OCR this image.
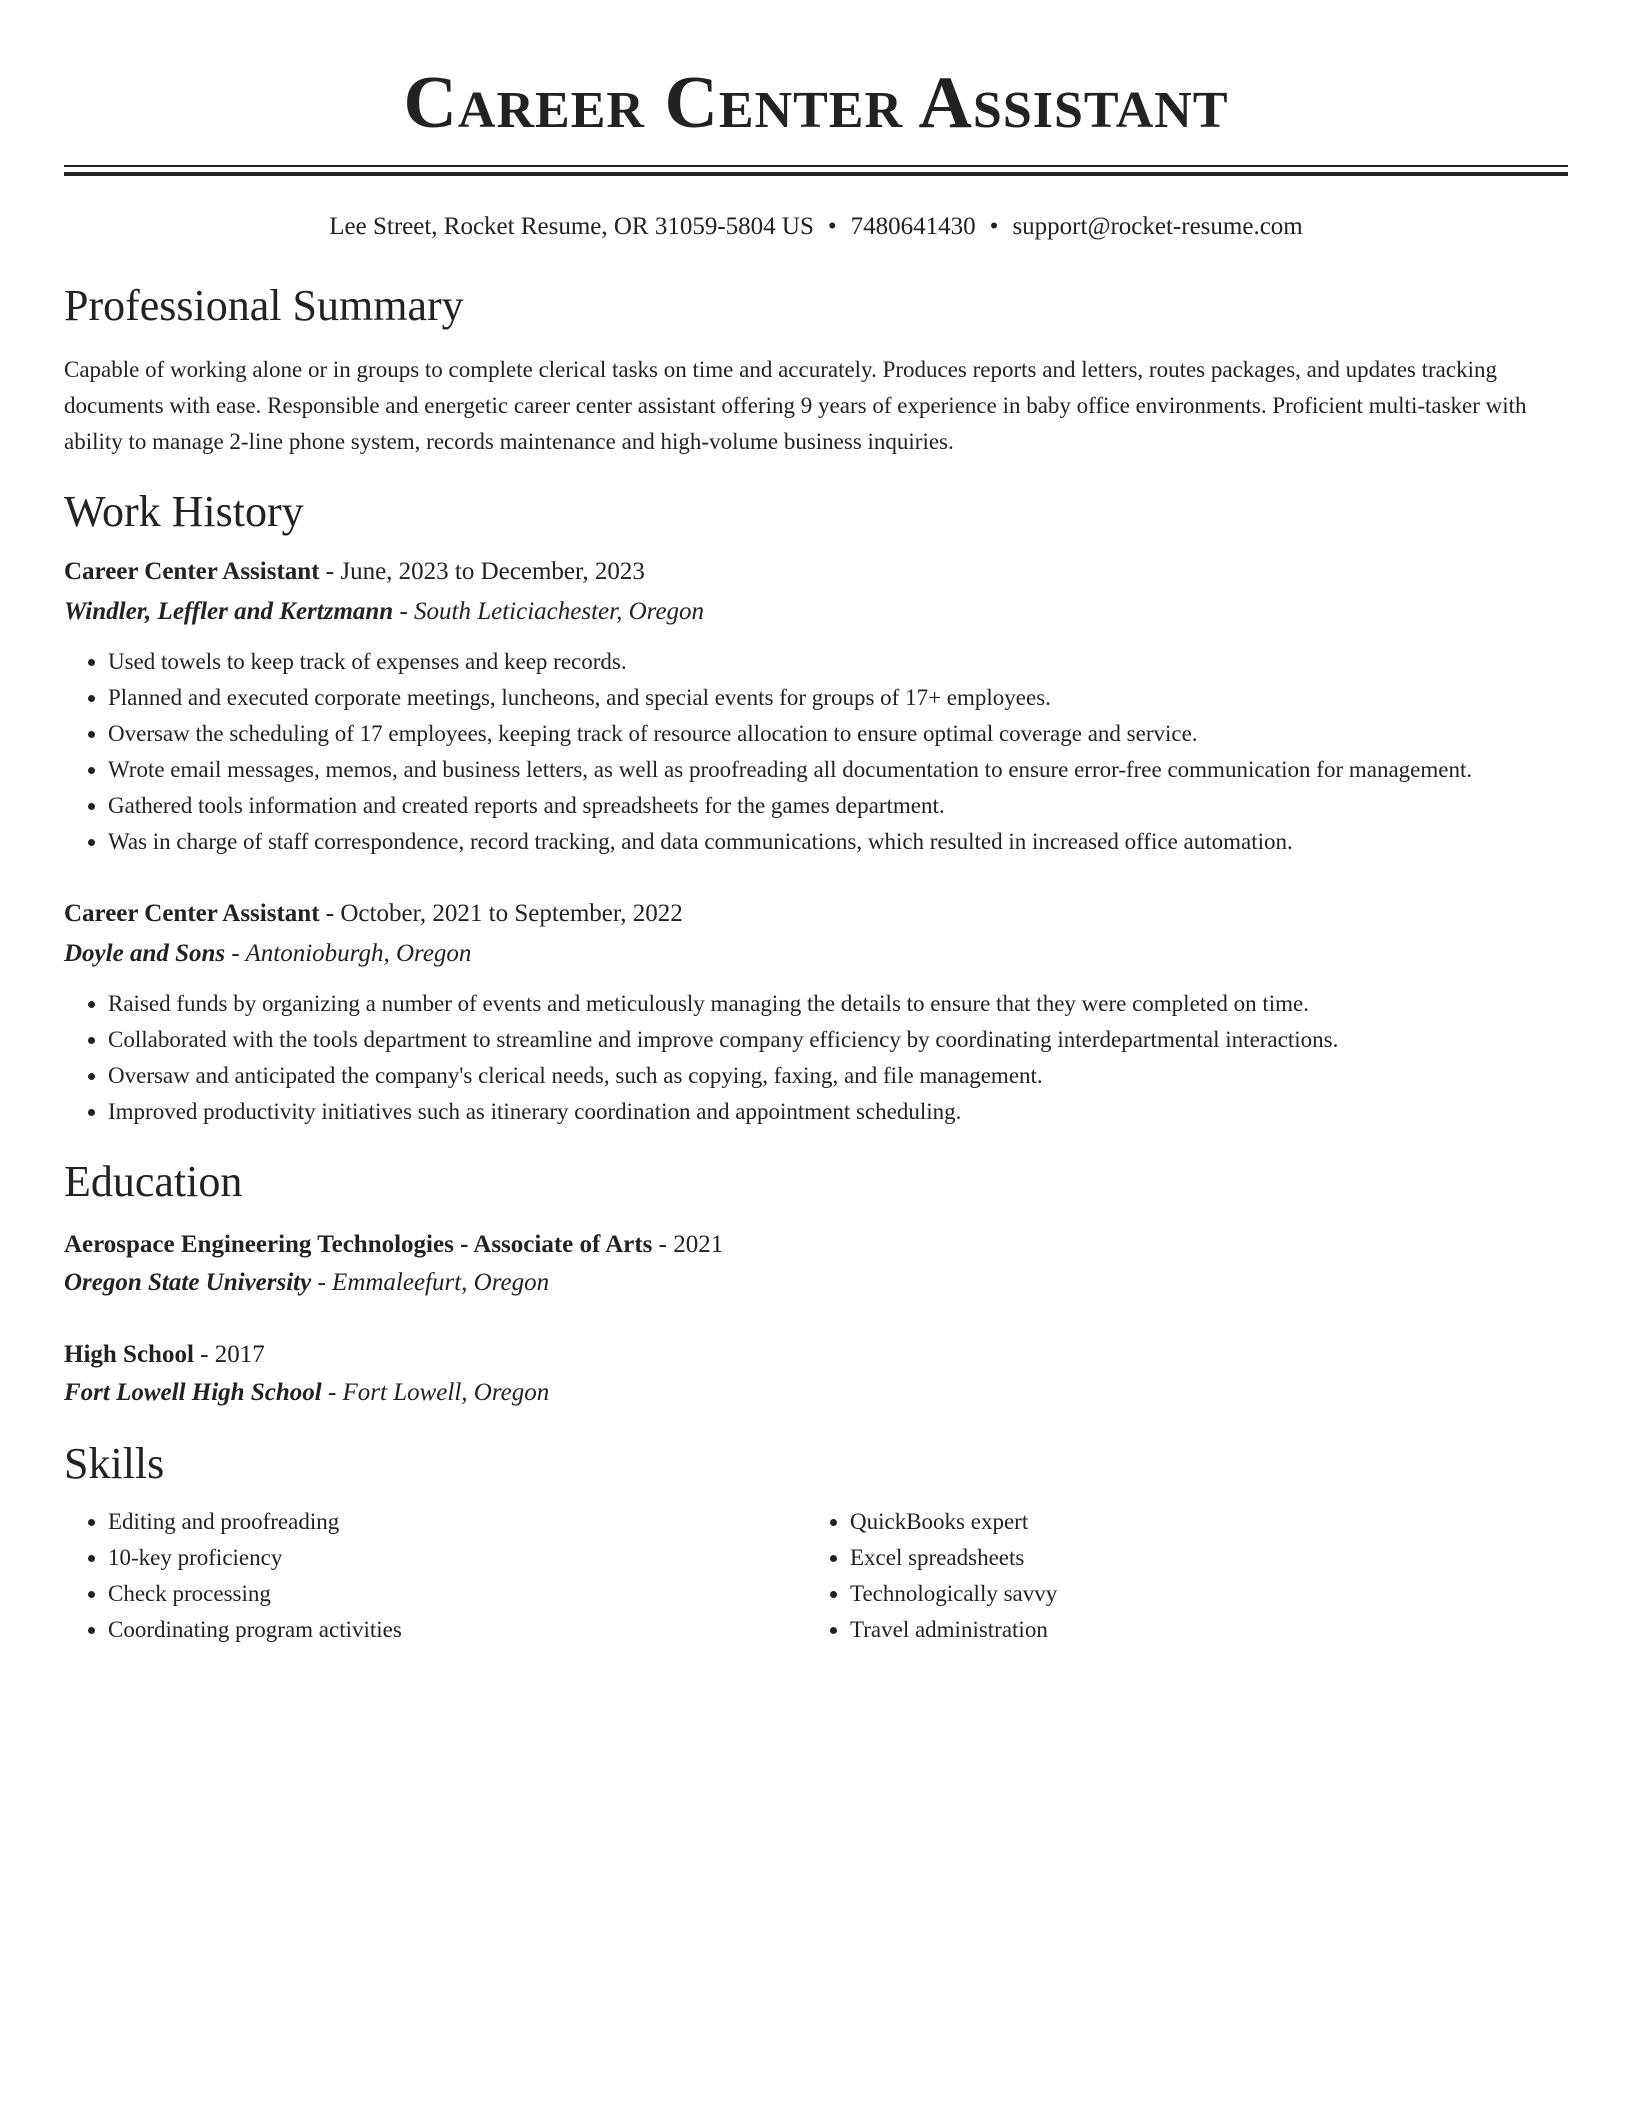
Career Center Assistant
Lee Street, Rocket Resume, OR 31059-5804 US • 7480641430 • support@rocket-resume.com
Professional Summary
Capable of working alone or in groups to complete clerical tasks on time and accurately. Produces reports and letters, routes packages, and updates tracking documents with ease. Responsible and energetic career center assistant offering 9 years of experience in baby office environments. Proficient multi-tasker with ability to manage 2-line phone system, records maintenance and high-volume business inquiries.
Work History
Career Center Assistant - June, 2023 to December, 2023
Windler, Leffler and Kertzmann - South Leticiachester, Oregon
• Used towels to keep track of expenses and keep records.
• Planned and executed corporate meetings, luncheons, and special events for groups of 17+ employees.
• Oversaw the scheduling of 17 employees, keeping track of resource allocation to ensure optimal coverage and service.
• Wrote email messages, memos, and business letters, as well as proofreading all documentation to ensure error-free communication for management.
• Gathered tools information and created reports and spreadsheets for the games department.
• Was in charge of staff correspondence, record tracking, and data communications, which resulted in increased office automation.
Career Center Assistant - October, 2021 to September, 2022
Doyle and Sons - Antonioburgh, Oregon
• Raised funds by organizing a number of events and meticulously managing the details to ensure that they were completed on time.
• Collaborated with the tools department to streamline and improve company efficiency by coordinating interdepartmental interactions.
• Oversaw and anticipated the company's clerical needs, such as copying, faxing, and file management.
• Improved productivity initiatives such as itinerary coordination and appointment scheduling.
Education
Aerospace Engineering Technologies - Associate of Arts - 2021
Oregon State University - Emmaleefurt, Oregon
High School - 2017
Fort Lowell High School - Fort Lowell, Oregon
Skills
• Editing and proofreading
• 10-key proficiency
• Check processing
• Coordinating program activities
• QuickBooks expert
• Excel spreadsheets
• Technologically savvy
• Travel administration
